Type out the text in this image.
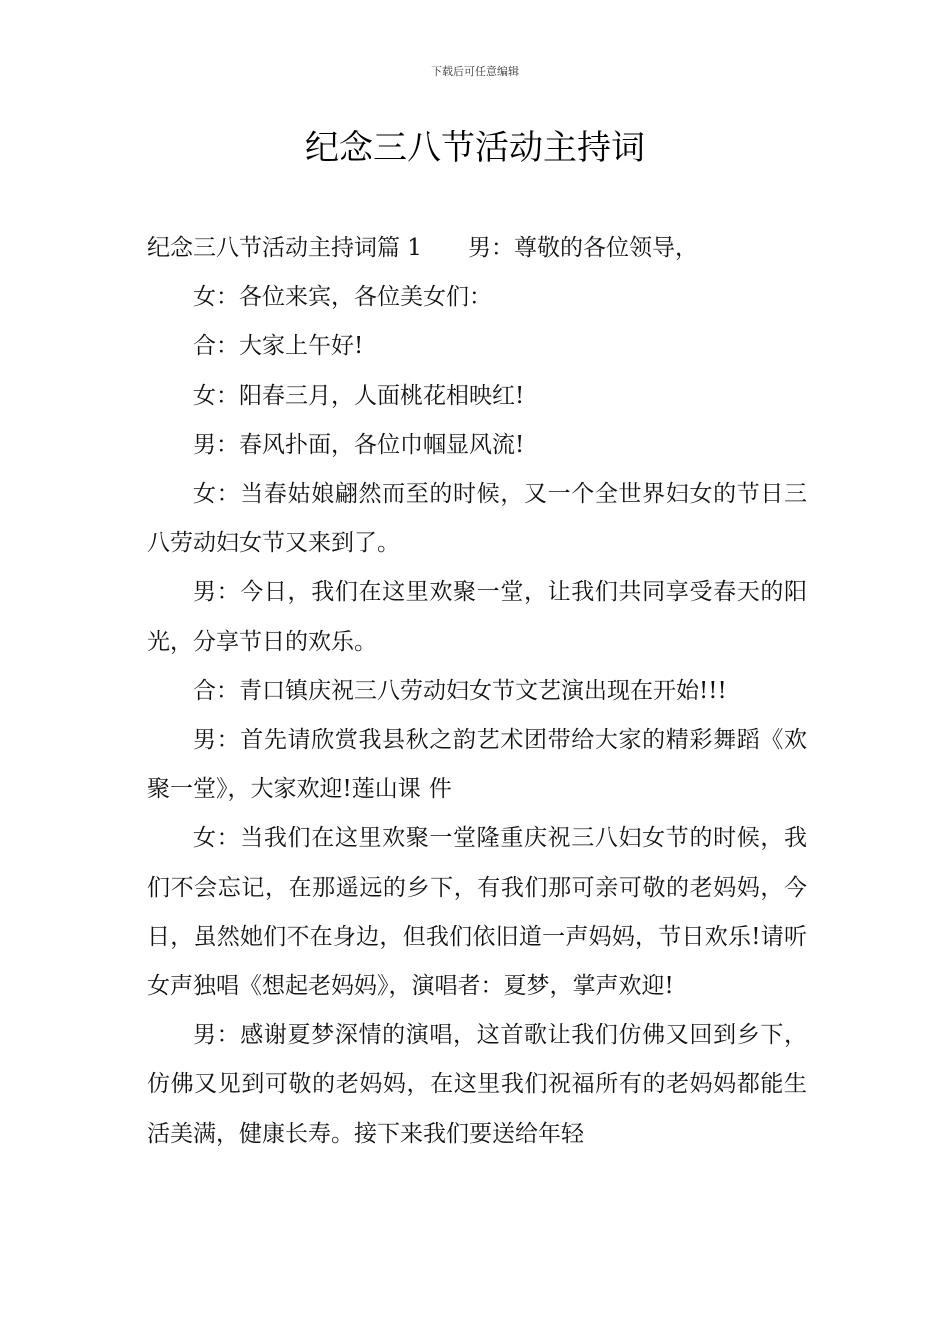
下载后可任意编辑
纪念三八节活动主持词

纪念三八节活动主持词篇 1 男：尊敬的各位领导，

女：各位来宾，各位美女们：

合：大家上午好!

女：阳春三月，人面桃花相映红!

男：春风扑面，各位巾帼显风流!

女：当春姑娘翩然而至的时候，又一个全世界妇女的节日三八劳动妇女节又来到了。

男：今日，我们在这里欢聚一堂，让我们共同享受春天的阳光，分享节日的欢乐。

合：青口镇庆祝三八劳动妇女节文艺演出现在开始!!!

男：首先请欣赏我县秋之韵艺术团带给大家的精彩舞蹈《欢聚一堂》，大家欢迎!莲山课 件

女：当我们在这里欢聚一堂隆重庆祝三八妇女节的时候，我们不会忘记，在那遥远的乡下，有我们那可亲可敬的老妈妈，今日，虽然她们不在身边，但我们依旧道一声妈妈，节日欢乐!请听女声独唱《想起老妈妈》，演唱者：夏梦，掌声欢迎!

男：感谢夏梦深情的演唱，这首歌让我们仿佛又回到乡下，仿佛又见到可敬的老妈妈，在这里我们祝福所有的老妈妈都能生活美满，健康长寿。接下来我们要送给年轻
